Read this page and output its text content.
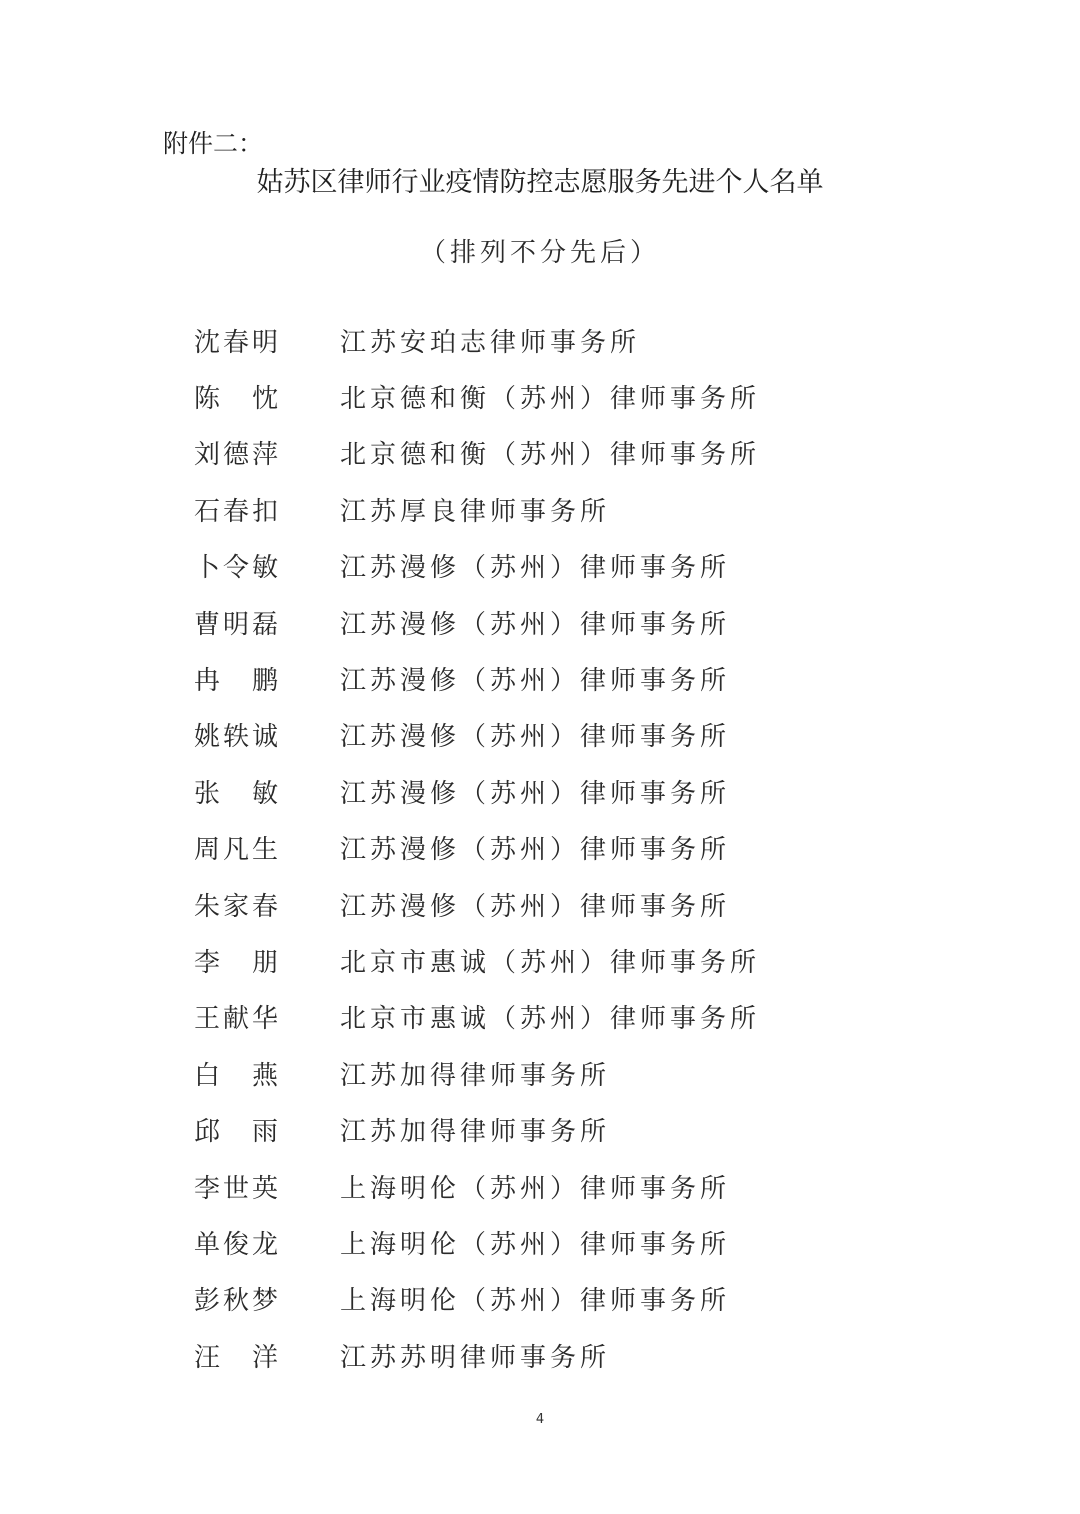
附件二：
姑苏区律师行业疫情防控志愿服务先进个人名单
（排列不分先后）
沈春明	江苏安珀志律师事务所
陈　忱	北京德和衡（苏州）律师事务所
刘德萍	北京德和衡（苏州）律师事务所
石春扣	江苏厚良律师事务所
卜令敏	江苏漫修（苏州）律师事务所
曹明磊	江苏漫修（苏州）律师事务所
冉　鹏	江苏漫修（苏州）律师事务所
姚轶诚	江苏漫修（苏州）律师事务所
张　敏	江苏漫修（苏州）律师事务所
周凡生	江苏漫修（苏州）律师事务所
朱家春	江苏漫修（苏州）律师事务所
李　朋	北京市惠诚（苏州）律师事务所
王献华	北京市惠诚（苏州）律师事务所
白　燕	江苏加得律师事务所
邱　雨	江苏加得律师事务所
李世英	上海明伦（苏州）律师事务所
单俊龙	上海明伦（苏州）律师事务所
彭秋梦	上海明伦（苏州）律师事务所
汪　洋	江苏苏明律师事务所
4
